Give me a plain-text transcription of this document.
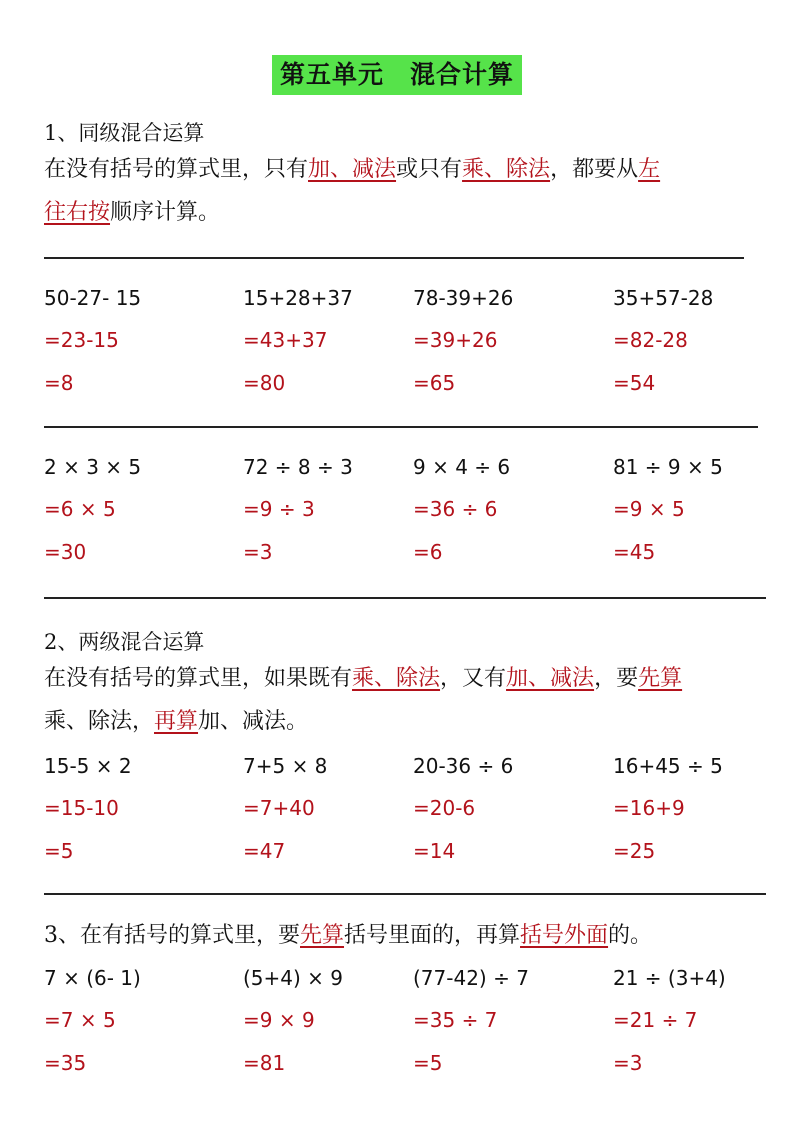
第五单元　混合计算
1、同级混合运算
在没有括号的算式里，只有加、减法或只有乘、除法，都要从左
往右按顺序计算。
50-27- 15
=23-15
=8
15+28+37
=43+37
=80
78-39+26
=39+26
=65
35+57-28
=82-28
=54
2 × 3 × 5
=6 × 5
=30
72 ÷ 8 ÷ 3
=9 ÷ 3
=3
9 × 4 ÷ 6
=36 ÷ 6
=6
81 ÷ 9 × 5
=9 × 5
=45
2、两级混合运算
在没有括号的算式里，如果既有乘、除法，又有加、减法，要先算
乘、除法，再算加、减法。
15-5 × 2
=15-10
=5
7+5 × 8
=7+40
=47
20-36 ÷ 6
=20-6
=14
16+45 ÷ 5
=16+9
=25
3、在有括号的算式里，要先算括号里面的，再算括号外面的。
7 × (6- 1)
=7 × 5
=35
(5+4) × 9
=9 × 9
=81
(77-42) ÷ 7
=35 ÷ 7
=5
21 ÷ (3+4)
=21 ÷ 7
=3
